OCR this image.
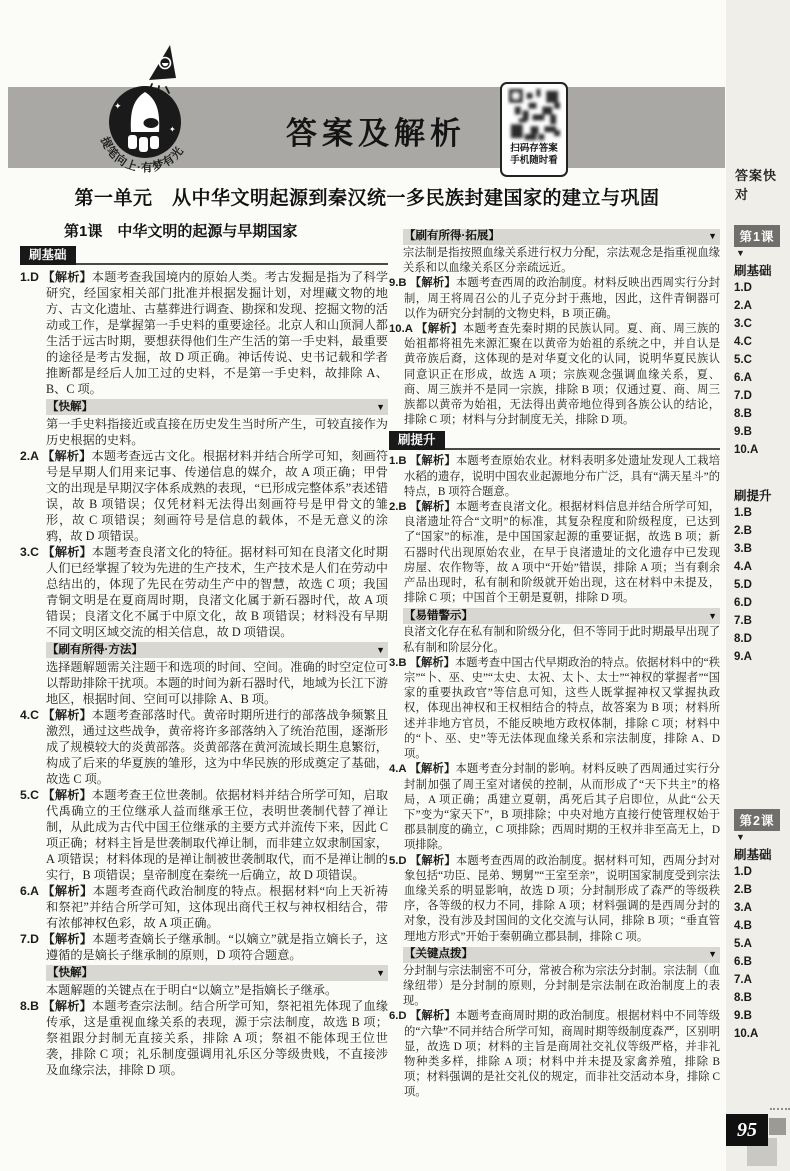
答案快对
第1课
▼
刷基础
1.D
2.A
3.C
4.C
5.C
6.A
7.D
8.B
9.B
10.A
刷提升
1.B
2.B
3.B
4.A
5.D
6.D
7.B
8.D
9.A
第2课
▼
刷基础
1.D
2.B
3.A
4.B
5.A
6.B
7.A
8.B
9.B
10.A
95
✦
✦
提笔向上·有梦有光
答案及解析	扫码存答案
手机随时看
第一单元　从中华文明起源到秦汉统一多民族封建国家的建立与巩固
第1课　中华文明的起源与早期国家
刷基础

1.D 【解析】本题考查我国境内的原始人类。考古发掘是指为了科学研究，经国家相关部门批准并根据发掘计划，对埋藏文物的地方、古文化遗址、古墓葬进行调查、勘探和发现、挖掘文物的活动或工作，是掌握第一手史料的重要途径。北京人和山顶洞人都生活于远古时期，要想获得他们生产生活的第一手史料，最重要的途径是考古发掘，故 D 项正确。神话传说、史书记载和学者推断都是经后人加工过的史料，不是第一手史料，故排除 A、B、C 项。

【快解】	▼
第一手史料指接近或直接在历史发生当时所产生，可较直接作为历史根据的史料。

2.A 【解析】本题考查远古文化。根据材料并结合所学可知，刻画符号是早期人们用来记事、传递信息的媒介，故 A 项正确；甲骨文的出现是早期汉字体系成熟的表现，“已形成完整体系”表述错误，故 B 项错误；仅凭材料无法得出刻画符号是甲骨文的雏形，故 C 项错误；刻画符号是信息的载体，不是无意义的涂鸦，故 D 项错误。

3.C 【解析】本题考查良渚文化的特征。据材料可知在良渚文化时期人们已经掌握了较为先进的生产技术，生产技术是人们在劳动中总结出的，体现了先民在劳动生产中的智慧，故选 C 项；我国青铜文明是在夏商周时期，良渚文化属于新石器时代，故 A 项错误；良渚文化不属于中原文化，故 B 项错误；材料没有早期不同文明区域交流的相关信息，故 D 项错误。

【刷有所得·方法】	▼
选择题解题需关注题干和选项的时间、空间。准确的时空定位可以帮助排除干扰项。本题的时间为新石器时代，地域为长江下游地区，根据时间、空间可以排除 A、B 项。

4.C 【解析】本题考查部落时代。黄帝时期所进行的部落战争频繁且激烈，通过这些战争，黄帝将许多部落纳入了统治范围，逐渐形成了规模较大的炎黄部落。炎黄部落在黄河流域长期生息繁衍，构成了后来的华夏族的雏形，这为中华民族的形成奠定了基础，故选 C 项。

5.C 【解析】本题考查王位世袭制。依据材料并结合所学可知，启取代禹确立的王位继承人益而继承王位，表明世袭制代替了禅让制，从此成为古代中国王位继承的主要方式并流传下来，因此 C 项正确；材料主旨是世袭制取代禅让制，而非建立奴隶制国家，A 项错误；材料体现的是禅让制被世袭制取代，而不是禅让制的实行，B 项错误；皇帝制度在秦统一后确立，故 D 项错误。

6.A 【解析】本题考查商代政治制度的特点。根据材料“向上天祈祷和祭祀”并结合所学可知，这体现出商代王权与神权相结合，带有浓郁神权色彩，故 A 项正确。

7.D 【解析】本题考查嫡长子继承制。“以嫡立”就是指立嫡长子，这遵循的是嫡长子继承制的原则，D 项符合题意。

【快解】	▼
本题解题的关键点在于明白“以嫡立”是指嫡长子继承。

8.B 【解析】本题考查宗法制。结合所学可知，祭祀祖先体现了血缘传承，这是重视血缘关系的表现，源于宗法制度，故选 B 项；祭祖跟分封制无直接关系，排除 A 项；祭祖不能体现王位世袭，排除 C 项；礼乐制度强调用礼乐区分等级贵贱，不直接涉及血缘宗法，排除 D 项。

【刷有所得·拓展】	▼
宗法制是指按照血缘关系进行权力分配，宗法观念是指重视血缘关系和以血缘关系区分亲疏远近。

9.B 【解析】本题考查西周的政治制度。材料反映出西周实行分封制，周王将周召公的儿子克分封于燕地，因此，这件青铜器可以作为研究分封制的文物史料，B 项正确。

10.A 【解析】本题考查先秦时期的民族认同。夏、商、周三族的始祖都将祖先来源汇聚在以黄帝为始祖的系统之中，并自认是黄帝族后裔，这体现的是对华夏文化的认同，说明华夏民族认同意识正在形成，故选 A 项；宗族观念强调血缘关系，夏、商、周三族并不是同一宗族，排除 B 项；仅通过夏、商、周三族都以黄帝为始祖，无法得出黄帝地位得到各族公认的结论，排除 C 项；材料与分封制度无关，排除 D 项。

刷提升

1.B 【解析】本题考查原始农业。材料表明多处遗址发现人工栽培水稻的遗存，说明中国农业起源地分布广泛，具有“满天星斗”的特点，B 项符合题意。

2.B 【解析】本题考查良渚文化。根据材料信息并结合所学可知，良渚遗址符合“文明”的标准，其复杂程度和阶级程度，已达到了“国家”的标准，是中国国家起源的重要证据，故选 B 项；新石器时代出现原始农业，在早于良渚遗址的文化遗存中已发现房屋、农作物等，故 A 项中“开始”错误，排除 A 项；当有剩余产品出现时，私有制和阶级就开始出现，这在材料中未提及，排除 C 项；中国首个王朝是夏朝，排除 D 项。

【易错警示】	▼
良渚文化存在私有制和阶级分化，但不等同于此时期最早出现了私有制和阶层分化。

3.B 【解析】本题考查中国古代早期政治的特点。依据材料中的“秩宗”“卜、巫、史”“太史、太祝、太卜、太士”“神权的掌握者”“国家的重要执政官”等信息可知，这些人既掌握神权又掌握执政权，体现出神权和王权相结合的特点，故答案为 B 项；材料所述并非地方官员，不能反映地方政权体制，排除 C 项；材料中的“卜、巫、史”等无法体现血缘关系和宗法制度，排除 A、D 项。

4.A 【解析】本题考查分封制的影响。材料反映了西周通过实行分封制加强了周王室对诸侯的控制，从而形成了“天下共主”的格局，A 项正确；禹建立夏朝，禹死后其子启即位，从此“公天下”变为“家天下”，B 项排除；中央对地方直接行使管理权始于郡县制度的确立，C 项排除；西周时期的王权并非至高无上，D 项排除。

5.D 【解析】本题考查西周的政治制度。据材料可知，西周分封对象包括“功臣、昆弟、甥舅”“王室至亲”，说明国家制度受到宗法血缘关系的明显影响，故选 D 项；分封制形成了森严的等级秩序，各等级的权力不同，排除 A 项；材料强调的是西周分封的对象，没有涉及封国间的文化交流与认同，排除 B 项；“垂直管理地方形式”开始于秦朝确立郡县制，排除 C 项。

【关键点拨】	▼
分封制与宗法制密不可分，常被合称为宗法分封制。宗法制（血缘纽带）是分封制的原则，分封制是宗法制在政治制度上的表现。

6.D 【解析】本题考查商周时期的政治制度。根据材料中不同等级的“六挚”不同并结合所学可知，商周时期等级制度森严，区别明显，故选 D 项；材料的主旨是商周社交礼仪等级严格，并非礼物种类多样，排除 A 项；材料中并未提及家禽养殖，排除 B 项；材料强调的是社交礼仪的规定，而非社交活动本身，排除 C 项。
